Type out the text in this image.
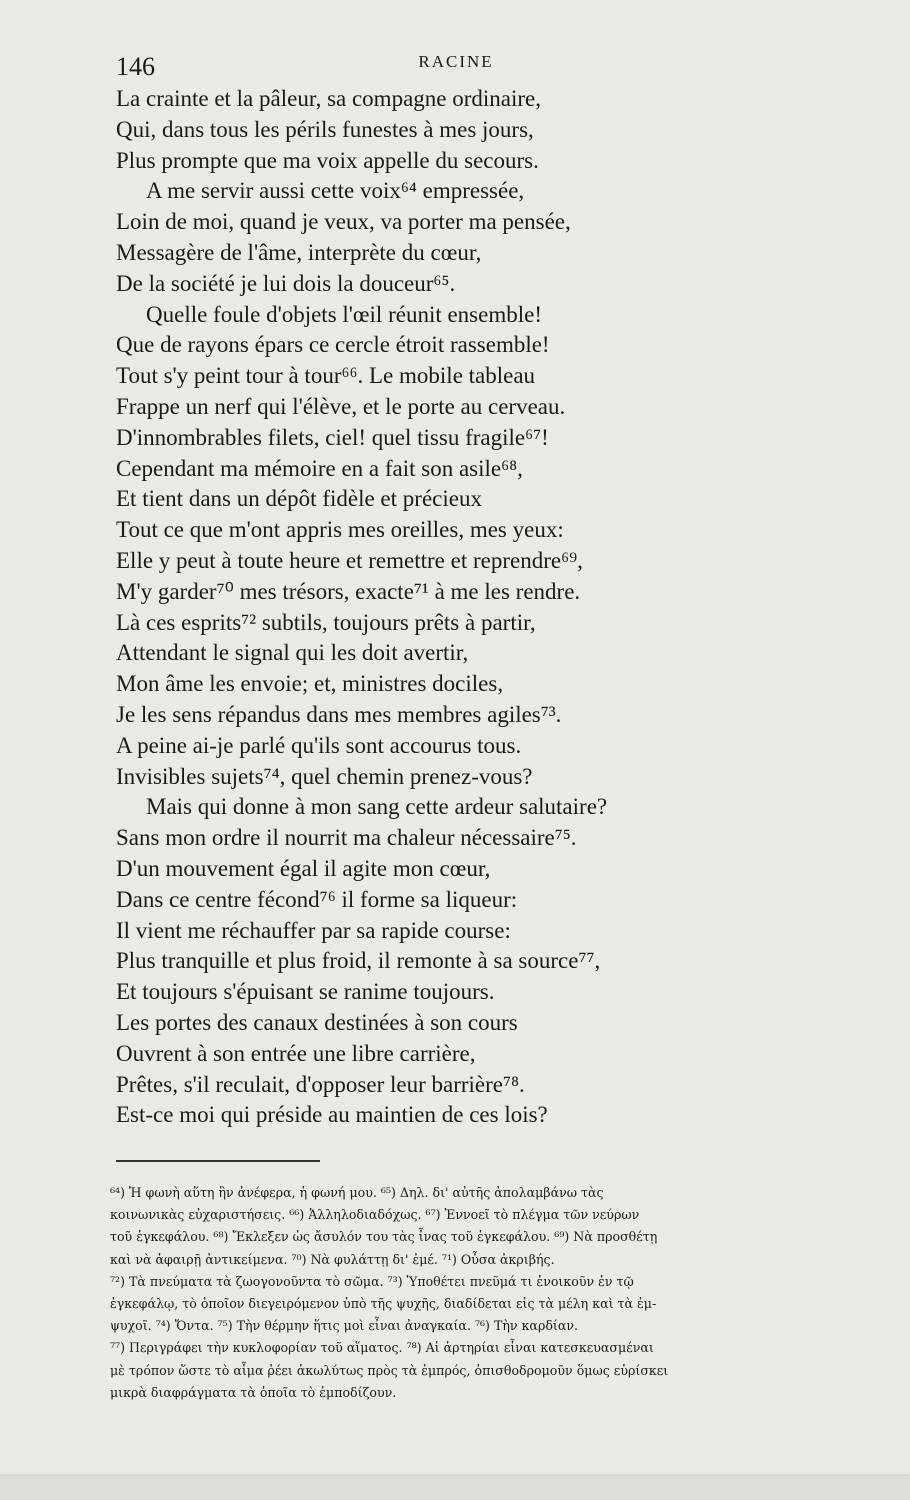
146	RACINE
La crainte et la pâleur, sa compagne ordinaire,
Qui, dans tous les périls funestes à mes jours,
Plus prompte que ma voix appelle du secours.
A me servir aussi cette voix⁶⁴ empressée,
Loin de moi, quand je veux, va porter ma pensée,
Messagère de l'âme, interprète du cœur,
De la société je lui dois la douceur⁶⁵.
Quelle foule d'objets l'œil réunit ensemble!
Que de rayons épars ce cercle étroit rassemble!
Tout s'y peint tour à tour⁶⁶. Le mobile tableau
Frappe un nerf qui l'élève, et le porte au cerveau.
D'innombrables filets, ciel! quel tissu fragile⁶⁷!
Cependant ma mémoire en a fait son asile⁶⁸,
Et tient dans un dépôt fidèle et précieux
Tout ce que m'ont appris mes oreilles, mes yeux:
Elle y peut à toute heure et remettre et reprendre⁶⁹,
M'y garder⁷⁰ mes trésors, exacte⁷¹ à me les rendre.
Là ces esprits⁷² subtils, toujours prêts à partir,
Attendant le signal qui les doit avertir,
Mon âme les envoie; et, ministres dociles,
Je les sens répandus dans mes membres agiles⁷³.
A peine ai-je parlé qu'ils sont accourus tous.
Invisibles sujets⁷⁴, quel chemin prenez-vous?
Mais qui donne à mon sang cette ardeur salutaire?
Sans mon ordre il nourrit ma chaleur nécessaire⁷⁵.
D'un mouvement égal il agite mon cœur,
Dans ce centre fécond⁷⁶ il forme sa liqueur:
Il vient me réchauffer par sa rapide course:
Plus tranquille et plus froid, il remonte à sa source⁷⁷,
Et toujours s'épuisant se ranime toujours.
Les portes des canaux destinées à son cours
Ouvrent à son entrée une libre carrière,
Prêtes, s'il reculait, d'opposer leur barrière⁷⁸.
Est-ce moi qui préside au maintien de ces lois?
⁶⁴) Ἡ φωνὴ αὕτη ἣν ἀνέφερα, ἡ φωνή μου. ⁶⁵) Δηλ. δι' αὐτῆς ἀπολαμβάνω τὰς
κοινωνικὰς εὐχαριστήσεις. ⁶⁶) Ἀλληλοδιαδόχως. ⁶⁷) Ἐννοεῖ τὸ πλέγμα τῶν νεύρων
τοῦ ἐγκεφάλου. ⁶⁸) Ἔκλεξεν ὡς ἄσυλόν του τὰς ἶνας τοῦ ἐγκεφάλου. ⁶⁹) Νὰ προσθέτῃ
καὶ νὰ ἀφαιρῇ ἀντικείμενα. ⁷⁰) Νὰ φυλάττῃ δι' ἐμέ. ⁷¹) Οὖσα ἀκριβής.
⁷²) Τὰ πνεύματα τὰ ζωογονοῦντα τὸ σῶμα. ⁷³) Ὑποθέτει πνεῦμά τι ἐνοικοῦν ἐν τῷ
ἐγκεφάλῳ, τὸ ὁποῖον διεγειρόμενον ὑπὸ τῆς ψυχῆς, διαδίδεται εἰς τὰ μέλη καὶ τὰ ἐμ-
ψυχοῖ. ⁷⁴) Ὄντα. ⁷⁵) Τὴν θέρμην ἥτις μοὶ εἶναι ἀναγκαία. ⁷⁶) Τὴν καρδίαν.
⁷⁷) Περιγράφει τὴν κυκλοφορίαν τοῦ αἵματος. ⁷⁸) Αἱ ἀρτηρίαι εἶναι κατεσκευασμέναι
μὲ τρόπον ὥστε τὸ αἷμα ῥέει ἀκωλύτως πρὸς τὰ ἐμπρός, ὀπισθοδρομοῦν ὅμως εὑρίσκει
μικρὰ διαφράγματα τὰ ὁποῖα τὸ ἐμποδίζουν.
